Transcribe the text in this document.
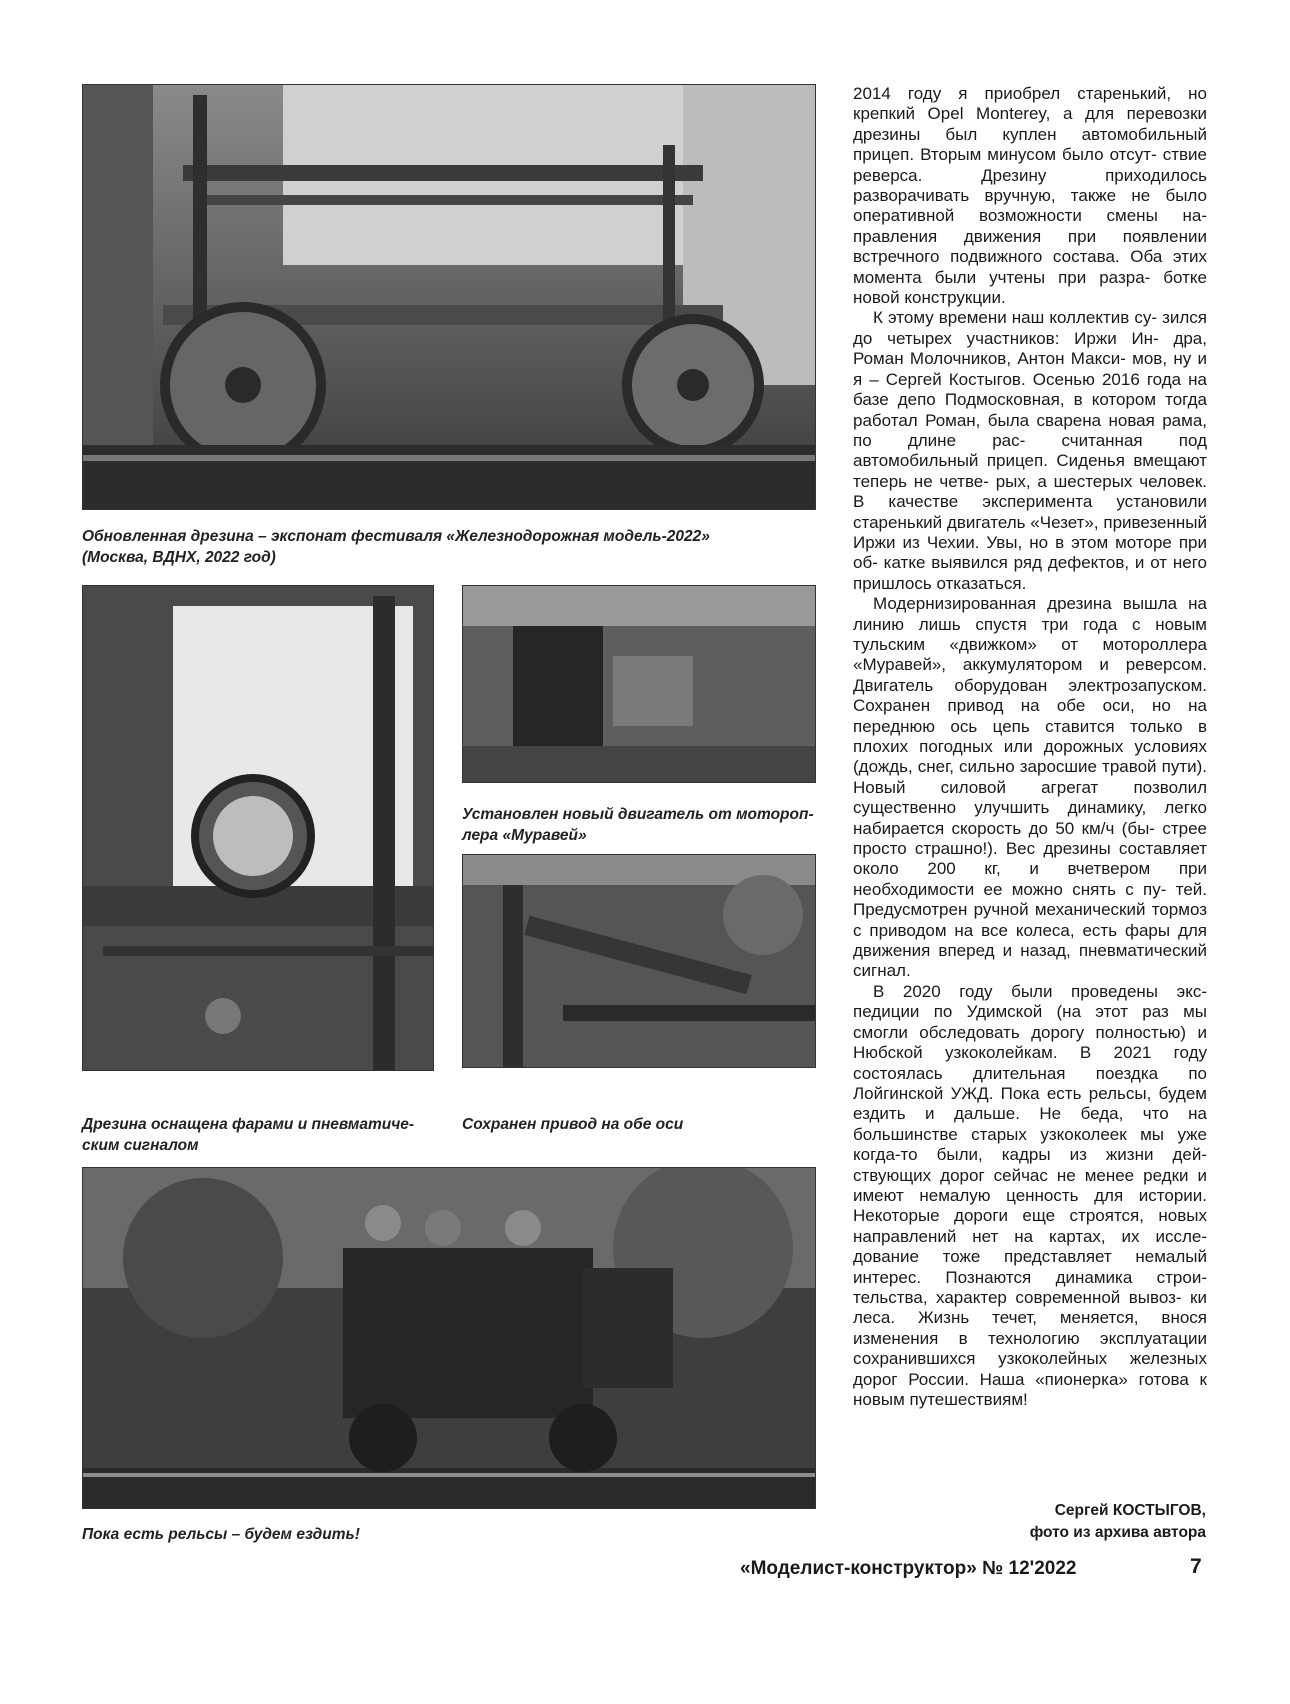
Обновленная дрезина – экспонат фестиваля «Железнодорожная модель-2022»
(Москва, ВДНХ, 2022 год)
Дрезина оснащена фарами и пневматиче-
ским сигналом
Установлен новый двигатель от мотороп-
лера «Муравей»
Сохранен привод на обе оси
Пока есть рельсы – будем ездить!

2014 году я приобрел старенький, но крепкий Opel Monterey, а для перевозки дрезины был куплен автомобильный прицеп. Вторым минусом было отсут- ствие реверса. Дрезину приходилось разворачивать вручную, также не было оперативной возможности смены на- правления движения при появлении встречного подвижного состава. Оба этих момента были учтены при разра- ботке новой конструкции.

К этому времени наш коллектив су- зился до четырех участников: Иржи Ин- дра, Роман Молочников, Антон Макси- мов, ну и я – Сергей Костыгов. Осенью 2016 года на базе депо Подмосковная, в котором тогда работал Роман, была сварена новая рама, по длине рас- считанная под автомобильный прицеп. Сиденья вмещают теперь не четве- рых, а шестерых человек. В качестве эксперимента установили старенький двигатель «Чезет», привезенный Иржи из Чехии. Увы, но в этом моторе при об- катке выявился ряд дефектов, и от него пришлось отказаться.

Модернизированная дрезина вышла на линию лишь спустя три года с новым тульским «движком» от мотороллера «Муравей», аккумулятором и реверсом. Двигатель оборудован электрозапуском. Сохранен привод на обе оси, но на переднюю ось цепь ставится только в плохих погодных или дорожных условиях (дождь, снег, сильно заросшие травой пути). Новый силовой агрегат позволил существенно улучшить динамику, легко набирается скорость до 50 км/ч (бы- стрее просто страшно!). Вес дрезины составляет около 200 кг, и вчетвером при необходимости ее можно снять с пу- тей. Предусмотрен ручной механический тормоз с приводом на все колеса, есть фары для движения вперед и назад, пневматический сигнал.

В 2020 году были проведены экс- педиции по Удимской (на этот раз мы смогли обследовать дорогу полностью) и Нюбской узкоколейкам. В 2021 году состоялась длительная поездка по Лойгинской УЖД. Пока есть рельсы, будем ездить и дальше. Не беда, что на большинстве старых узкоколеек мы уже когда-то были, кадры из жизни дей- ствующих дорог сейчас не менее редки и имеют немалую ценность для истории. Некоторые дороги еще строятся, новых направлений нет на картах, их иссле- дование тоже представляет немалый интерес. Познаются динамика строи- тельства, характер современной вывоз- ки леса. Жизнь течет, меняется, внося изменения в технологию эксплуатации сохранившихся узкоколейных железных дорог России. Наша «пионерка» готова к новым путешествиям!

Сергей КОСТЫГОВ,
фото из архива автора
«Моделист-конструктор» № 12'2022	7
